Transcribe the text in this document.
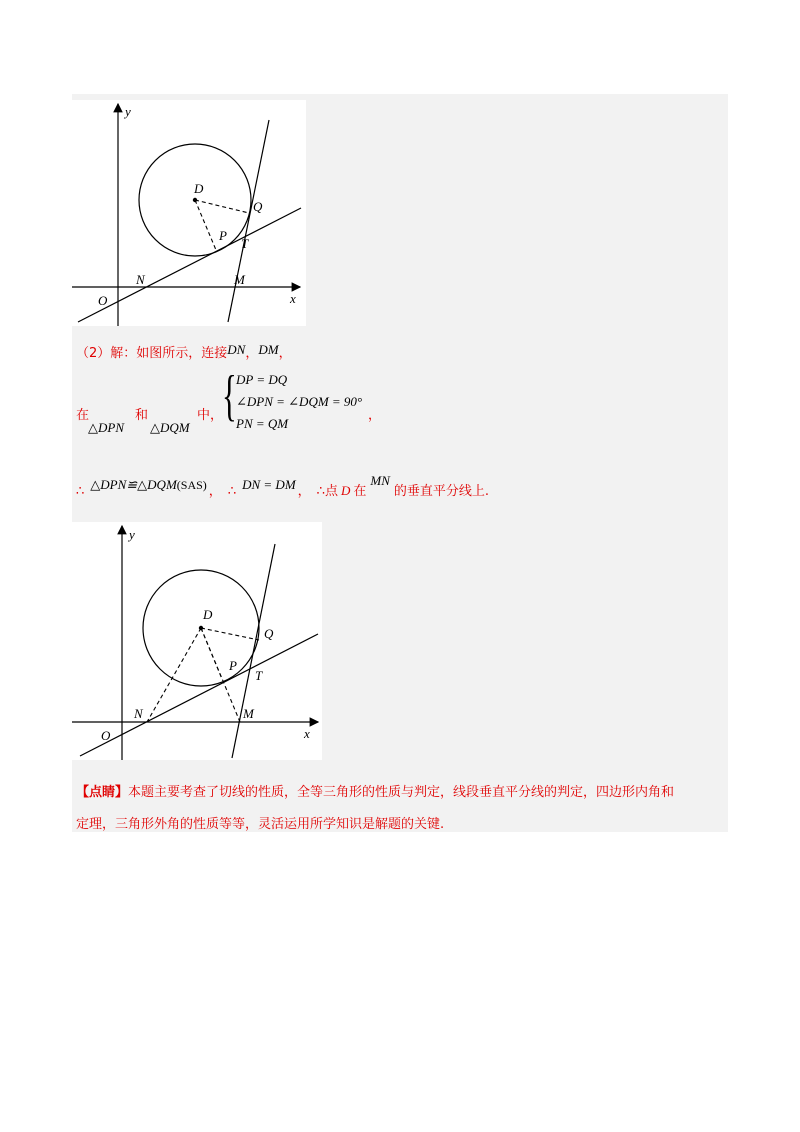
y
x
O
D
Q
P
T
N	M
（2）解：如图所示，连接DN，DM，
在
△DPN
和
△DQM
中，
{ DP = DQ
∠DPN = ∠DQM = 90°
PN = QM
，
$_\therefore$ △DPN≌△DQM(SAS) $_,$ $_\therefore$ DN = DM $_,$ $_{\therefore 点}$ $_D$ $_在^{MN}_{的垂直平分线上.}$
y
x
O
D
Q
P
T
N	M
【点睛】本题主要考查了切线的性质，全等三角形的性质与判定，线段垂直平分线的判定，四边形内角和
定理，三角形外角的性质等等，灵活运用所学知识是解题的关键.
